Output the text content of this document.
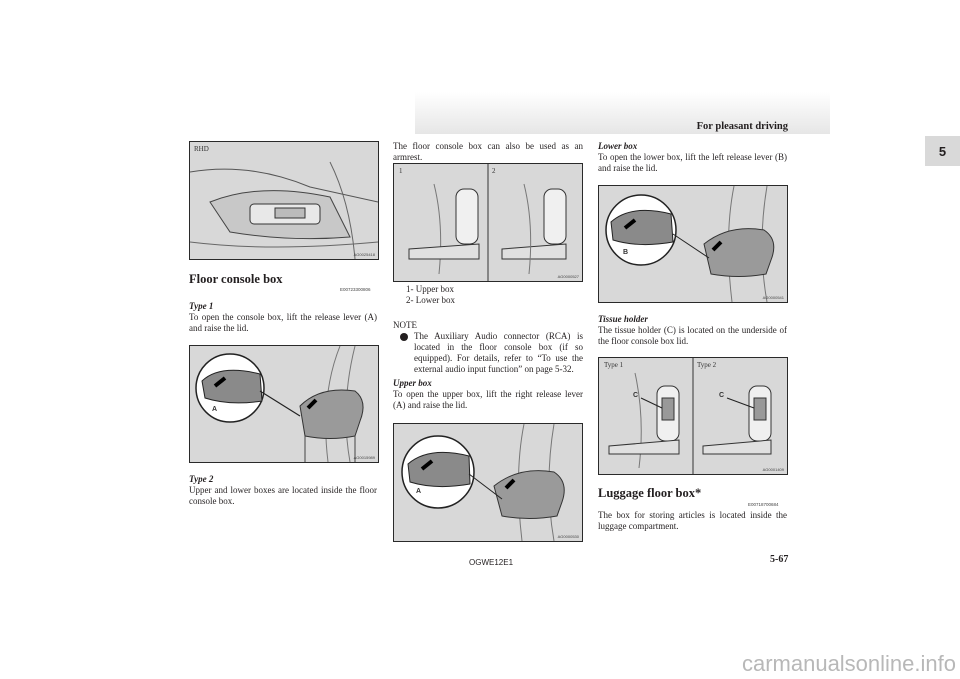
For pleasant driving
5
RHD
AG0025418
Floor console box
E00723300806
Type 1
To open the console box, lift the release lever (A) and raise the lid.
A
AG0015989
Type 2
Upper and lower boxes are located inside the floor console box.
The floor console box can also be used as an armrest.
1	2
AG0000527
1- Upper box
2- Lower box
NOTE
The Auxiliary Audio connector (RCA) is located in the floor console box (if so equipped). For details, refer to “To use the external audio input function” on page 5-32.
Upper box
To open the upper box, lift the right release lever (A) and raise the lid.
A
AG0000530
Lower box
To open the lower box, lift the left release lever (B) and raise the lid.
B
AG0000541
Tissue holder
The tissue holder (C) is located on the underside of the floor console box lid.
Type 1	Type 2
C	C
AG0001409
Luggage floor box*
E00718700684
The box for storing articles is located inside the luggage compartment.
OGWE12E1	5-67
carmanualsonline.info
